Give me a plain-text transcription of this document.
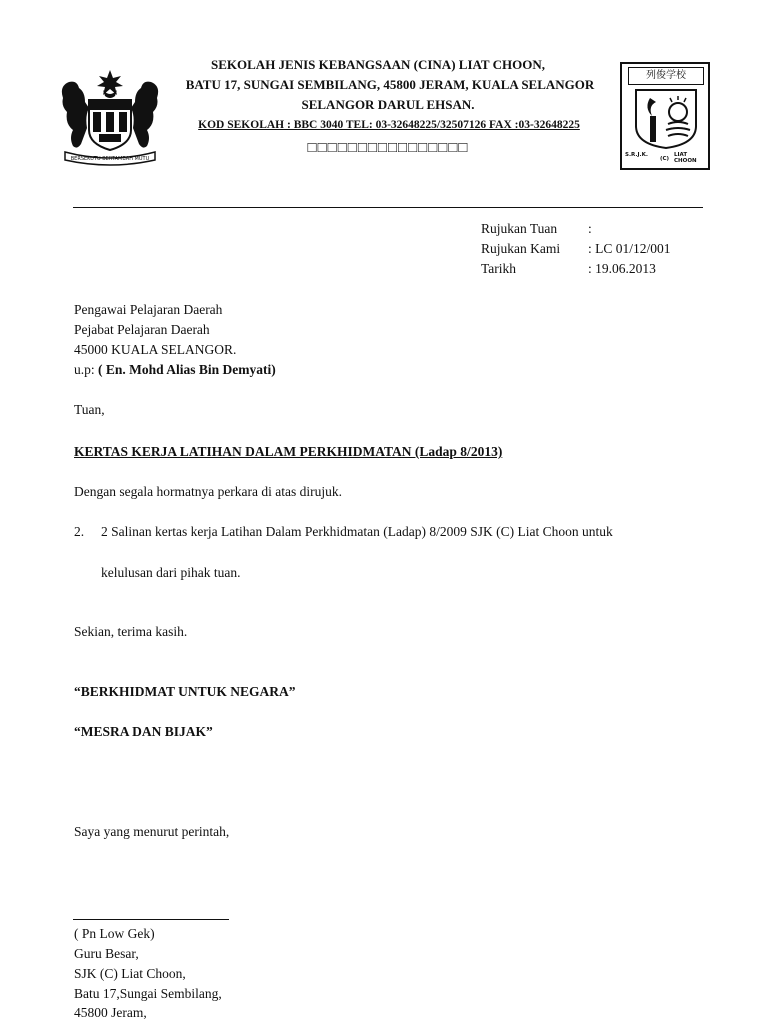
BERSEKUTU BERTAMBAH MUTU
SEKOLAH JENIS KEBANGSAAN (CINA) LIAT CHOON,
BATU 17, SUNGAI SEMBILANG, 45800 JERAM, KUALA SELANGOR
SELANGOR DARUL EHSAN.
KOD SEKOLAH : BBC 3040 TEL: 03-32648225/32507126 FAX :03-32648225
□□□□□□□□□□□□□□□□
列俊学校
S.R.J.K.
(C)
LIAT CHOON
Rujukan Tuan :
Rujukan Kami : LC 01/12/001
Tarikh	: 19.06.2013
Pengawai Pelajaran Daerah
Pejabat Pelajaran Daerah
45000 KUALA SELANGOR.
u.p: ( En. Mohd Alias Bin Demyati)
Tuan,
KERTAS KERJA LATIHAN DALAM PERKHIDMATAN (Ladap 8/2013)
Dengan segala hormatnya perkara di atas dirujuk.
2. 2 Salinan kertas kerja Latihan Dalam Perkhidmatan (Ladap) 8/2009 SJK (C) Liat Choon untuk
kelulusan dari pihak tuan.
Sekian, terima kasih.
“BERKHIDMAT UNTUK NEGARA”
“MESRA DAN BIJAK”
Saya yang menurut perintah,
( Pn Low Gek)
Guru Besar,
SJK (C) Liat Choon,
Batu 17,Sungai Sembilang,
45800 Jeram,
